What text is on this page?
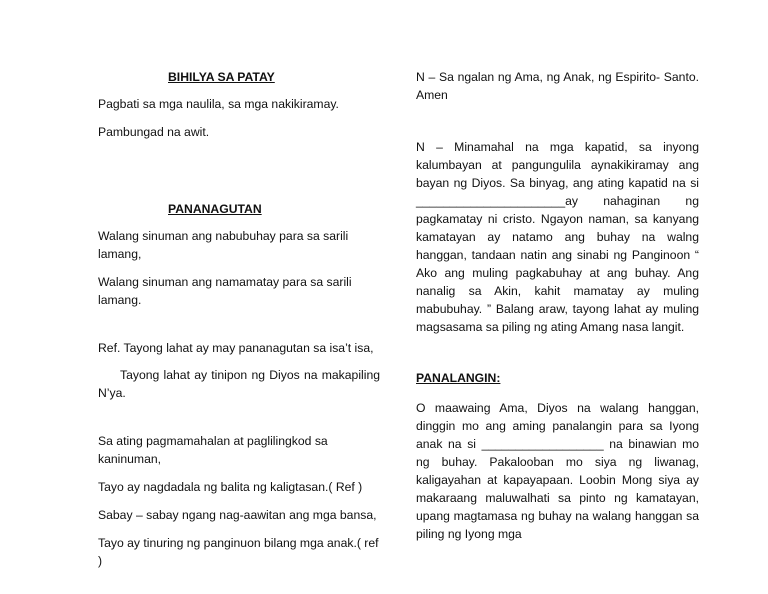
BIHILYA SA PATAY

Pagbati sa mga naulila, sa mga nakikiramay.

Pambungad na awit.

PANANAGUTAN

Walang sinuman ang nabubuhay para sa sarili lamang,

Walang sinuman ang namamatay para sa sarili lamang.

Ref. Tayong lahat ay may pananagutan sa isa’t isa,

Tayong lahat ay tinipon ng Diyos na makapiling N’ya.

Sa ating pagmamahalan at paglilingkod sa kaninuman,

Tayo ay nagdadala ng balita ng kaligtasan.( Ref )

Sabay – sabay ngang nag-aawitan ang mga bansa,

Tayo ay tinuring ng panginuon bilang mga anak.( ref )

N – Sa ngalan ng Ama, ng Anak, ng Espirito- Santo. Amen

N – Minamahal na mga kapatid, sa inyong kalumbayan at pangungulila aynakikiramay ang bayan ng Diyos. Sa binyag, ang ating kapatid na si ______________________ay nahaginan ng pagkamatay ni cristo. Ngayon naman, sa kanyang kamatayan ay natamo ang buhay na walng hanggan, tandaan natin ang sinabi ng Panginoon “ Ako ang muling pagkabuhay at ang buhay. Ang nanalig sa Akin, kahit mamatay ay muling mabubuhay. ” Balang araw, tayong lahat ay muling magsasama sa piling ng ating Amang nasa langit.

PANALANGIN:

O maawaing Ama, Diyos na walang hanggan, dinggin mo ang aming panalangin para sa Iyong anak na si __________________ na binawian mo ng buhay. Pakalooban mo siya ng liwanag, kaligayahan at kapayapaan. Loobin Mong siya ay makaraang maluwalhati sa pinto ng kamatayan, upang magtamasa ng buhay na walang hanggan sa piling ng Iyong mga
